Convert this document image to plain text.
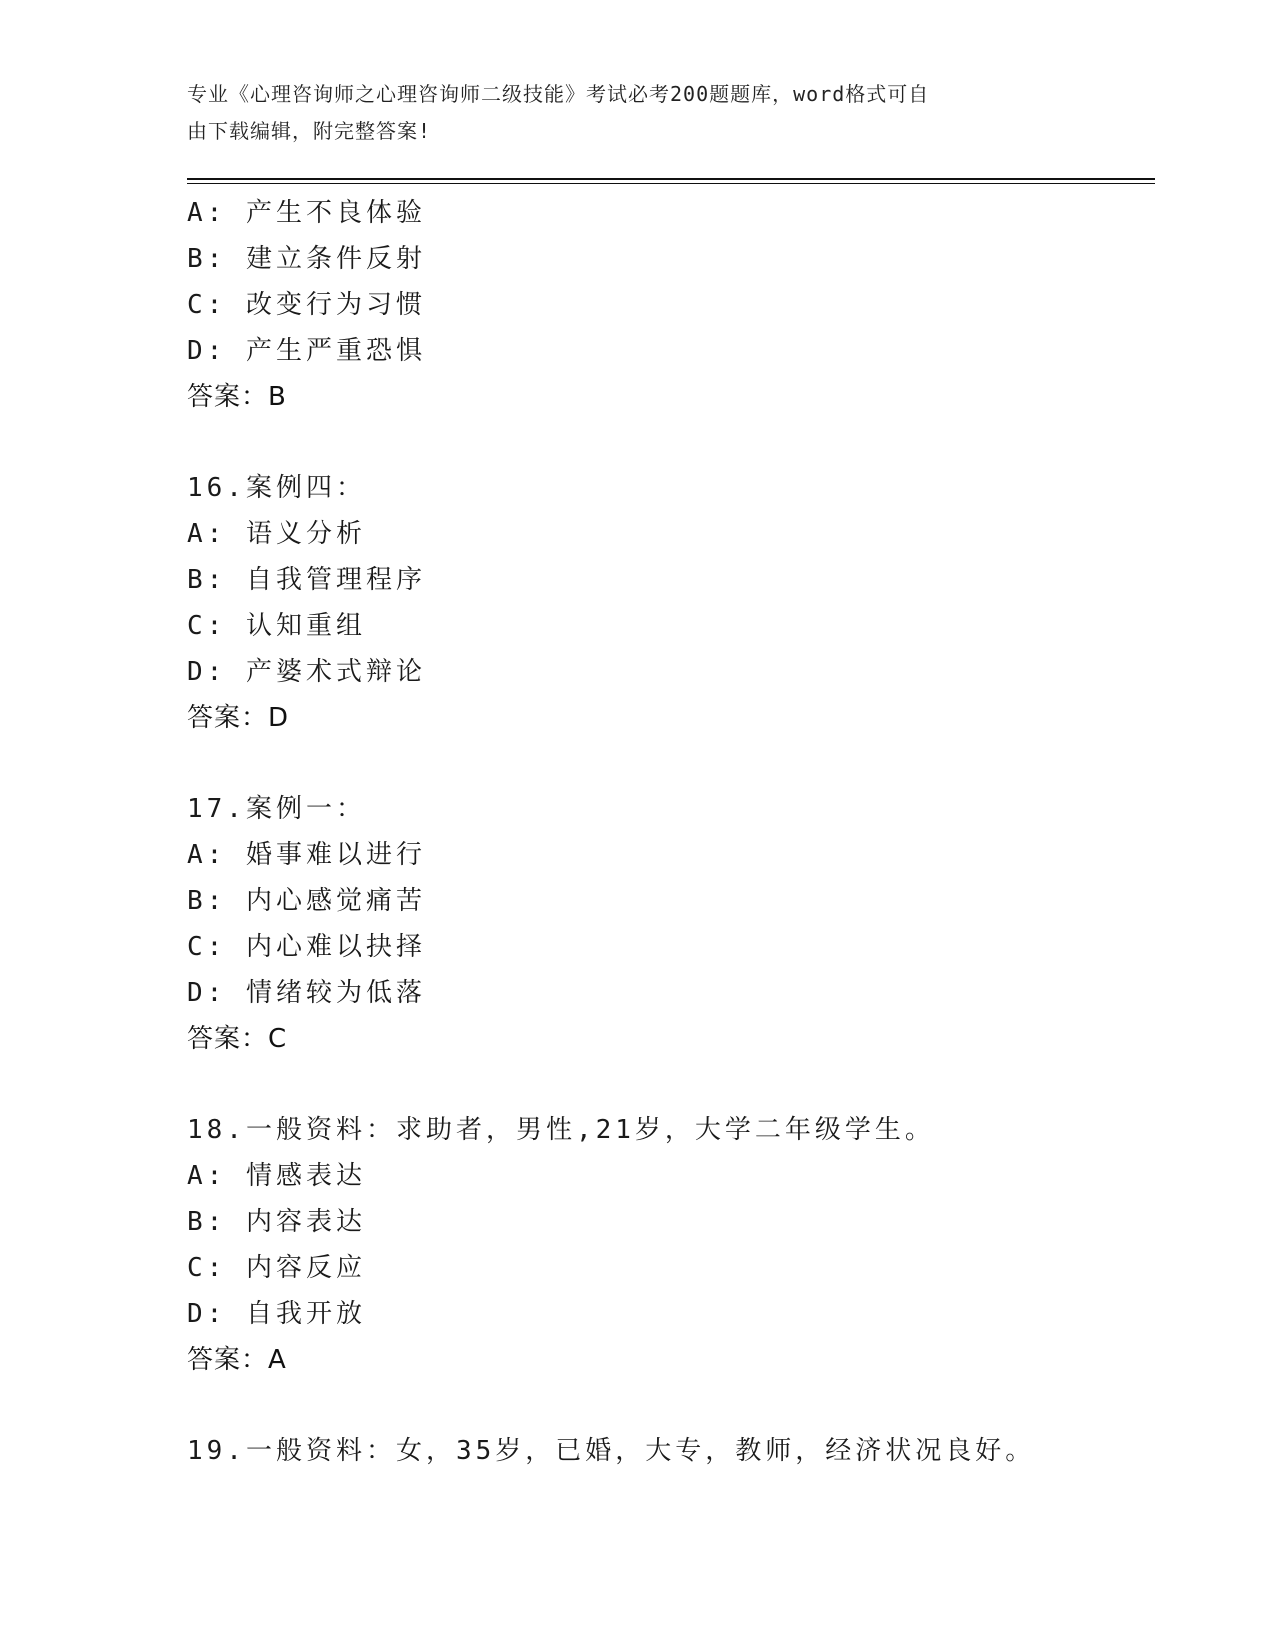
专业《心理咨询师之心理咨询师二级技能》考试必考200题题库，word格式可自
由下载编辑，附完整答案!
A: 产生不良体验
B: 建立条件反射
C: 改变行为习惯
D: 产生严重恐惧
答案：B
16.案例四：
A: 语义分析
B: 自我管理程序
C: 认知重组
D: 产婆术式辩论
答案：D
17.案例一：
A: 婚事难以进行
B: 内心感觉痛苦
C: 内心难以抉择
D: 情绪较为低落
答案：C
18.一般资料：求助者，男性,21岁，大学二年级学生。
A: 情感表达
B: 内容表达
C: 内容反应
D: 自我开放
答案：A
19.一般资料：女，35岁，已婚，大专，教师，经济状况良好。
